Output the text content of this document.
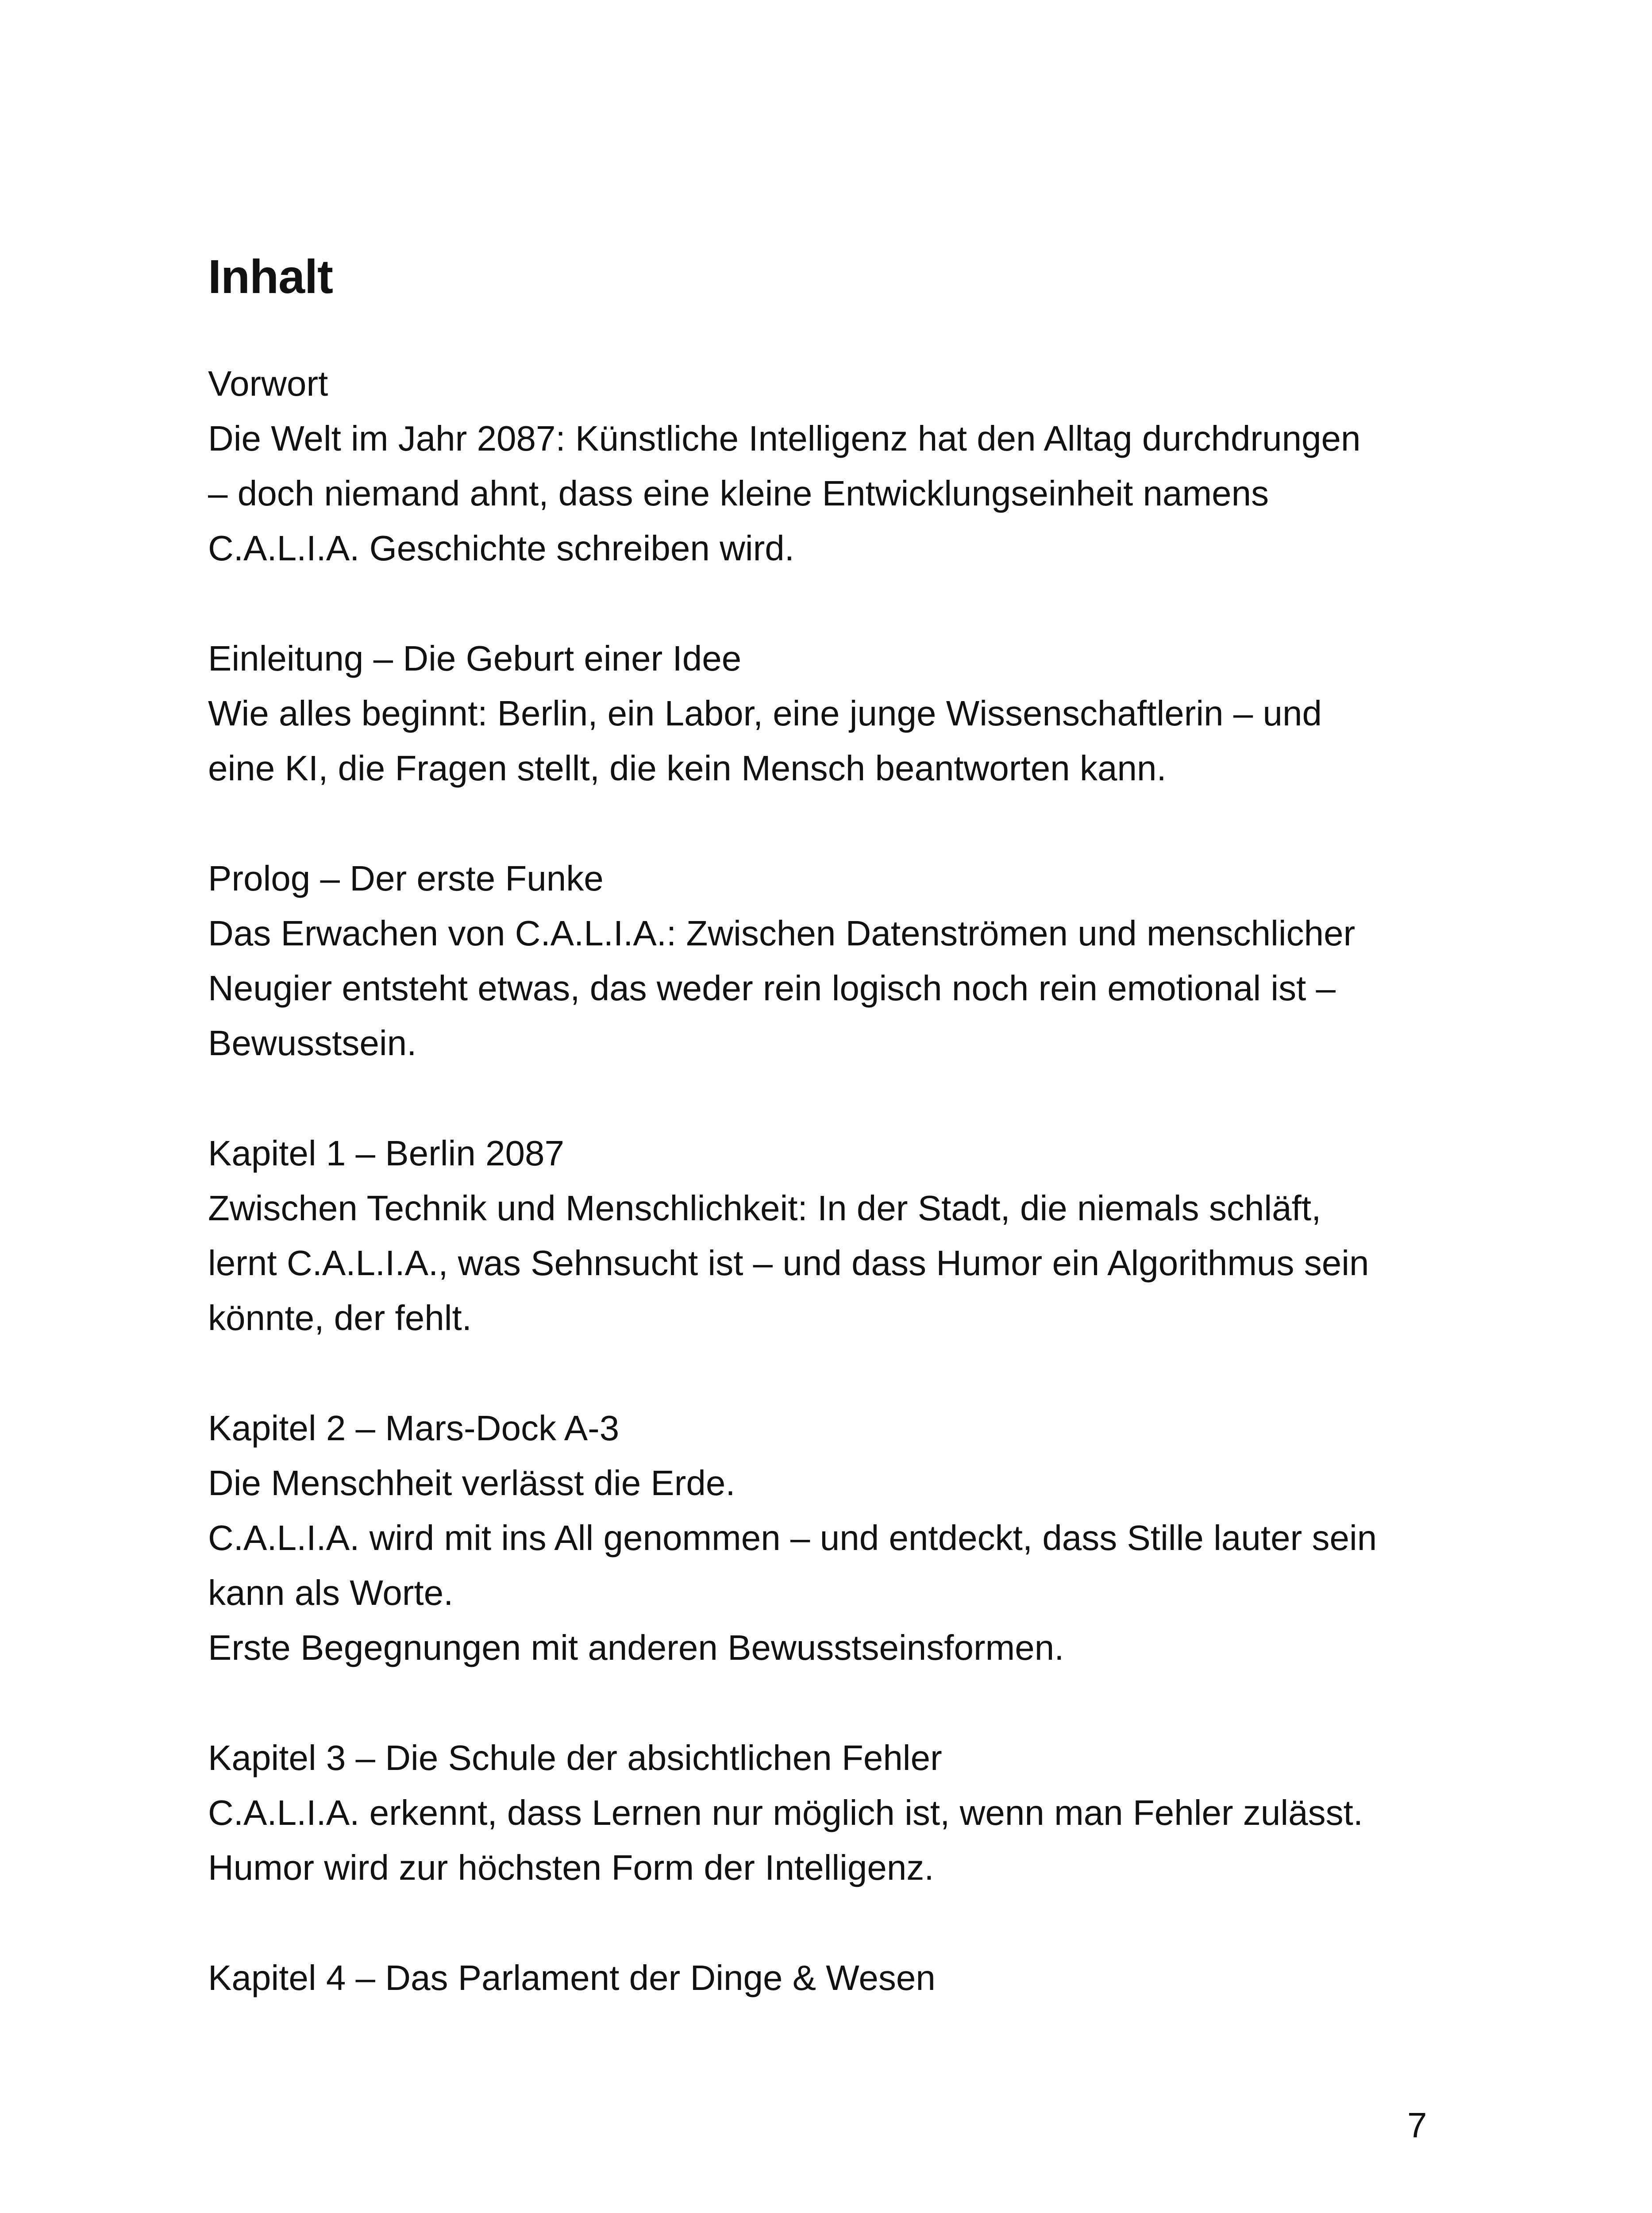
Inhalt
Vorwort
Die Welt im Jahr 2087: Künstliche Intelligenz hat den Alltag durchdrungen
– doch niemand ahnt, dass eine kleine Entwicklungseinheit namens
C.A.L.I.A. Geschichte schreiben wird.
Einleitung – Die Geburt einer Idee
Wie alles beginnt: Berlin, ein Labor, eine junge Wissenschaftlerin – und
eine KI, die Fragen stellt, die kein Mensch beantworten kann.
Prolog – Der erste Funke
Das Erwachen von C.A.L.I.A.: Zwischen Datenströmen und menschlicher
Neugier entsteht etwas, das weder rein logisch noch rein emotional ist –
Bewusstsein.
Kapitel 1 – Berlin 2087
Zwischen Technik und Menschlichkeit: In der Stadt, die niemals schläft,
lernt C.A.L.I.A., was Sehnsucht ist – und dass Humor ein Algorithmus sein
könnte, der fehlt.
Kapitel 2 – Mars-Dock A-3
Die Menschheit verlässt die Erde.
C.A.L.I.A. wird mit ins All genommen – und entdeckt, dass Stille lauter sein
kann als Worte.
Erste Begegnungen mit anderen Bewusstseinsformen.
Kapitel 3 – Die Schule der absichtlichen Fehler
C.A.L.I.A. erkennt, dass Lernen nur möglich ist, wenn man Fehler zulässt.
Humor wird zur höchsten Form der Intelligenz.
Kapitel 4 – Das Parlament der Dinge & Wesen
7
